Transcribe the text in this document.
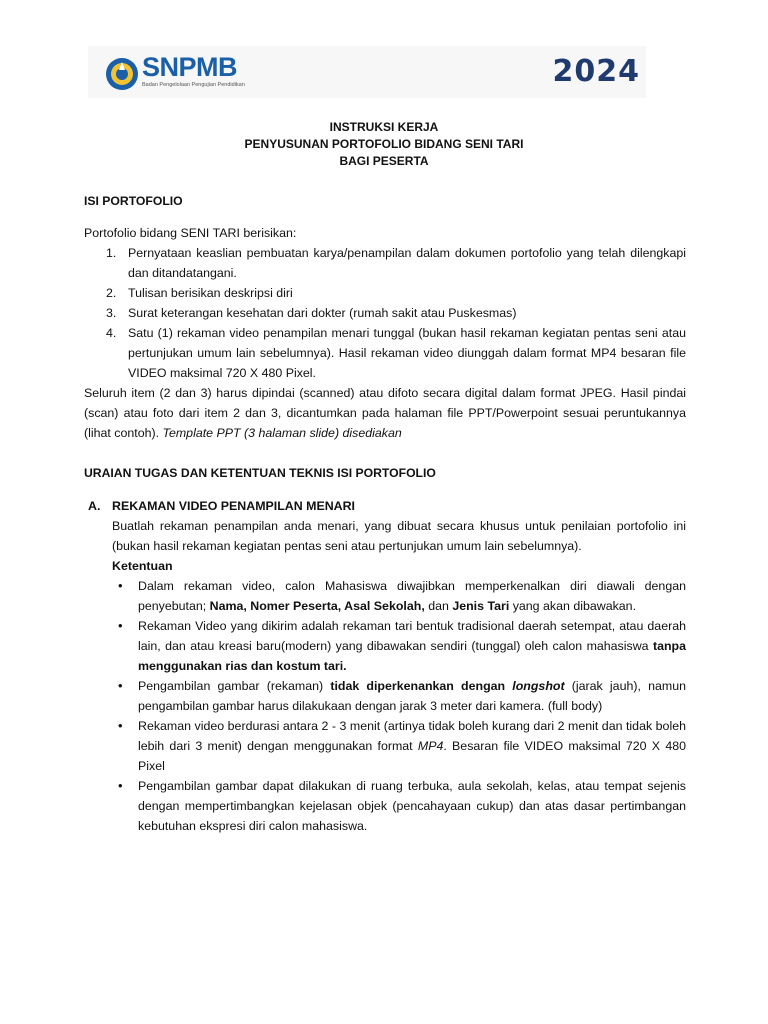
SNPMB
Badan Pengelolaan Pengujian Pendidikan	2024
INSTRUKSI KERJA
PENYUSUNAN PORTOFOLIO BIDANG SENI TARI
BAGI PESERTA
ISI PORTOFOLIO
Portofolio bidang SENI TARI berisikan:
1. Pernyataan keaslian pembuatan karya/penampilan dalam dokumen portofolio yang telah dilengkapi dan ditandatangani.
2. Tulisan berisikan deskripsi diri
3. Surat keterangan kesehatan dari dokter (rumah sakit atau Puskesmas)
4. Satu (1) rekaman video penampilan menari tunggal (bukan hasil rekaman kegiatan pentas seni atau pertunjukan umum lain sebelumnya). Hasil rekaman video diunggah dalam format MP4 besaran file VIDEO maksimal 720 X 480 Pixel.
Seluruh item (2 dan 3) harus dipindai (scanned) atau difoto secara digital dalam format JPEG. Hasil pindai (scan) atau foto dari item 2 dan 3, dicantumkan pada halaman file PPT/Powerpoint sesuai peruntukannya (lihat contoh). Template PPT (3 halaman slide) disediakan
URAIAN TUGAS DAN KETENTUAN TEKNIS ISI PORTOFOLIO
A. REKAMAN VIDEO PENAMPILAN MENARI
Buatlah rekaman penampilan anda menari, yang dibuat secara khusus untuk penilaian portofolio ini (bukan hasil rekaman kegiatan pentas seni atau pertunjukan umum lain sebelumnya).
Ketentuan
• Dalam rekaman video, calon Mahasiswa diwajibkan memperkenalkan diri diawali dengan penyebutan; Nama, Nomer Peserta, Asal Sekolah, dan Jenis Tari yang akan dibawakan.
• Rekaman Video yang dikirim adalah rekaman tari bentuk tradisional daerah setempat, atau daerah lain, dan atau kreasi baru(modern) yang dibawakan sendiri (tunggal) oleh calon mahasiswa tanpa menggunakan rias dan kostum tari.
• Pengambilan gambar (rekaman) tidak diperkenankan dengan longshot (jarak jauh), namun pengambilan gambar harus dilakukaan dengan jarak 3 meter dari kamera. (full body)
• Rekaman video berdurasi antara 2 - 3 menit (artinya tidak boleh kurang dari 2 menit dan tidak boleh lebih dari 3 menit) dengan menggunakan format MP4. Besaran file VIDEO maksimal 720 X 480 Pixel
• Pengambilan gambar dapat dilakukan di ruang terbuka, aula sekolah, kelas, atau tempat sejenis dengan mempertimbangkan kejelasan objek (pencahayaan cukup) dan atas dasar pertimbangan kebutuhan ekspresi diri calon mahasiswa.
